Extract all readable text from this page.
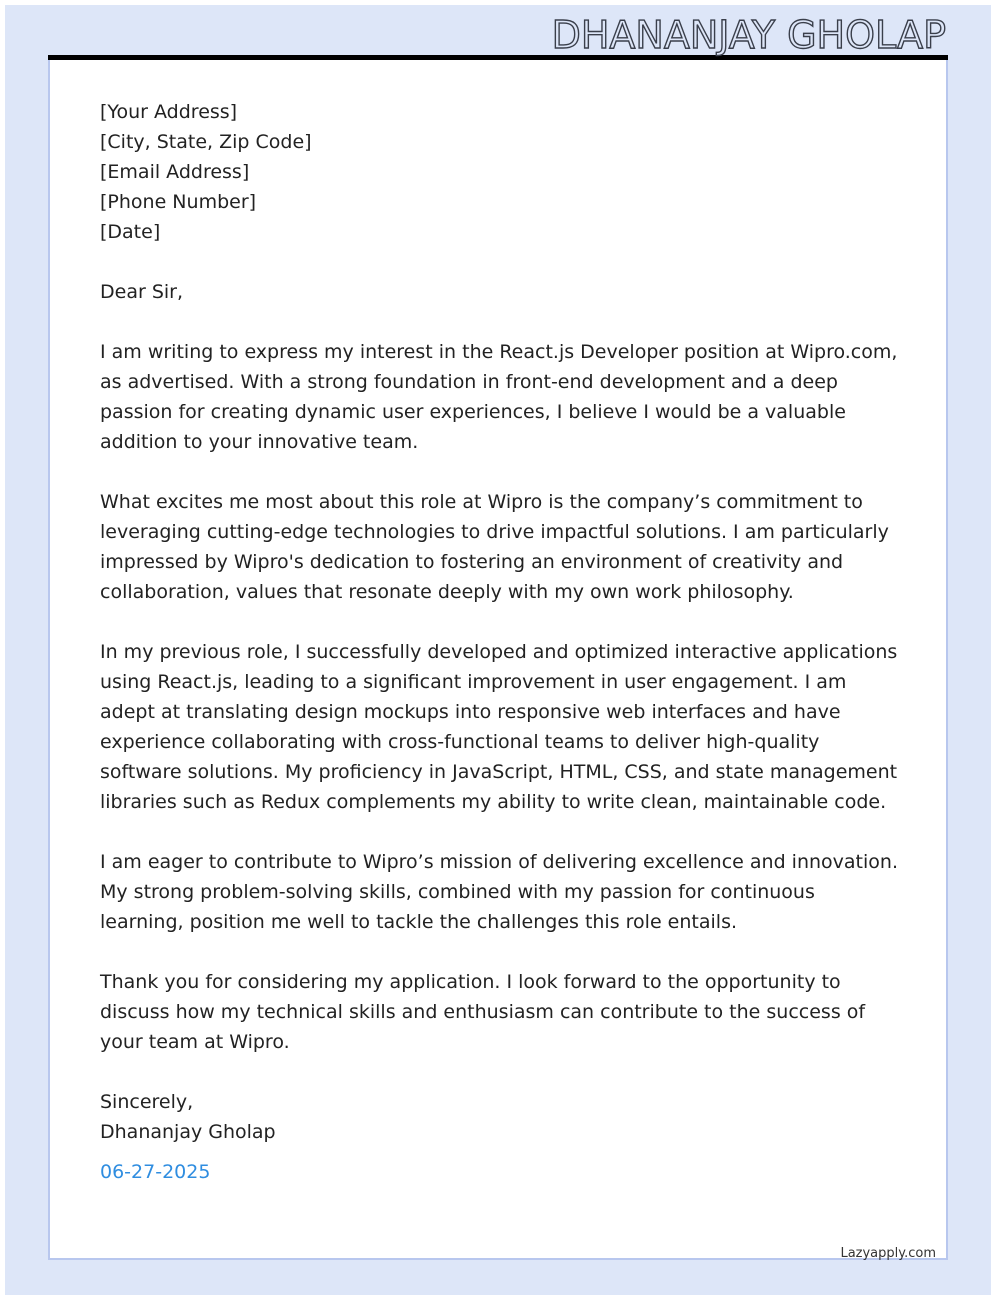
DHANANJAY GHOLAP

[Your Address]

[City, State, Zip Code]

[Email Address]

[Phone Number]

[Date]

Dear Sir,

I am writing to express my interest in the React.js Developer position at Wipro.com, as advertised. With a strong foundation in front-end development and a deep passion for creating dynamic user experiences, I believe I would be a valuable addition to your innovative team.

What excites me most about this role at Wipro is the company’s commitment to leveraging cutting-edge technologies to drive impactful solutions. I am particularly impressed by Wipro's dedication to fostering an environment of creativity and collaboration, values that resonate deeply with my own work philosophy.

In my previous role, I successfully developed and optimized interactive applications using React.js, leading to a significant improvement in user engagement. I am adept at translating design mockups into responsive web interfaces and have experience collaborating with cross-functional teams to deliver high-quality software solutions. My proficiency in JavaScript, HTML, CSS, and state management libraries such as Redux complements my ability to write clean, maintainable code.

I am eager to contribute to Wipro’s mission of delivering excellence and innovation. My strong problem-solving skills, combined with my passion for continuous learning, position me well to tackle the challenges this role entails.

Thank you for considering my application. I look forward to the opportunity to discuss how my technical skills and enthusiasm can contribute to the success of your team at Wipro.

Sincerely,

Dhananjay Gholap

06-27-2025

Lazyapply.com
